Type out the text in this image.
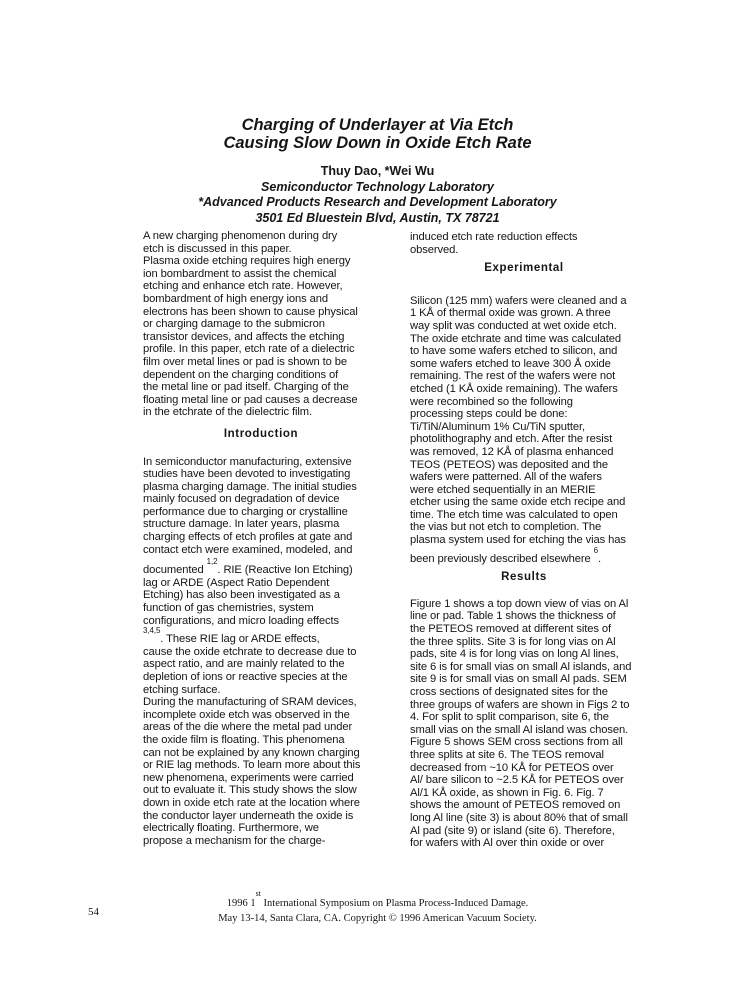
Charging of Underlayer at Via Etch
Causing Slow Down in Oxide Etch Rate
Thuy Dao, *Wei Wu
Semiconductor Technology Laboratory
*Advanced Products Research and Development Laboratory
3501 Ed Bluestein Blvd, Austin, TX 78721

A new charging phenomenon during dry

etch is discussed in this paper.

Plasma oxide etching requires high energy

ion bombardment to assist the chemical

etching and enhance etch rate. However,

bombardment of high energy ions and

electrons has been shown to cause physical

or charging damage to the submicron

transistor devices, and affects the etching

profile. In this paper, etch rate of a dielectric

film over metal lines or pad is shown to be

dependent on the charging conditions of

the metal line or pad itself. Charging of the

floating metal line or pad causes a decrease

in the etchrate of the dielectric film.

Introduction

In semiconductor manufacturing, extensive

studies have been devoted to investigating

plasma charging damage. The initial studies

mainly focused on degradation of device

performance due to charging or crystalline

structure damage. In later years, plasma

charging effects of etch profiles at gate and

contact etch were examined, modeled, and

documented $^{1,2}$. RIE (Reactive Ion Etching)

lag or ARDE (Aspect Ratio Dependent

Etching) has also been investigated as a

function of gas chemistries, system

configurations, and micro loading effects

$^{3,4,5}$. These RIE lag or ARDE effects,

cause the oxide etchrate to decrease due to

aspect ratio, and are mainly related to the

depletion of ions or reactive species at the

etching surface.

During the manufacturing of SRAM devices,

incomplete oxide etch was observed in the

areas of the die where the metal pad under

the oxide film is floating. This phenomena

can not be explained by any known charging

or RIE lag methods. To learn more about this

new phenomena, experiments were carried

out to evaluate it. This study shows the slow

down in oxide etch rate at the location where

the conductor layer underneath the oxide is

electrically floating. Furthermore, we

propose a mechanism for the charge-

induced etch rate reduction effects

observed.

Experimental

Silicon (125 mm) wafers were cleaned and a

1 KÅ of thermal oxide was grown. A three

way split was conducted at wet oxide etch.

The oxide etchrate and time was calculated

to have some wafers etched to silicon, and

some wafers etched to leave 300 Å oxide

remaining. The rest of the wafers were not

etched (1 KÅ oxide remaining). The wafers

were recombined so the following

processing steps could be done:

Ti/TiN/Aluminum 1% Cu/TiN sputter,

photolithography and etch. After the resist

was removed, 12 KÅ of plasma enhanced

TEOS (PETEOS) was deposited and the

wafers were patterned. All of the wafers

were etched sequentially in an MERIE

etcher using the same oxide etch recipe and

time. The etch time was calculated to open

the vias but not etch to completion. The

plasma system used for etching the vias has

been previously described elsewhere $^6$.

Results

Figure 1 shows a top down view of vias on Al

line or pad. Table 1 shows the thickness of

the PETEOS removed at different sites of

the three splits. Site 3 is for long vias on Al

pads, site 4 is for long vias on long Al lines,

site 6 is for small vias on small Al islands, and

site 9 is for small vias on small Al pads. SEM

cross sections of designated sites for the

three groups of wafers are shown in Figs 2 to

4. For split to split comparison, site 6, the

small vias on the small Al island was chosen.

Figure 5 shows SEM cross sections from all

three splits at site 6. The TEOS removal

decreased from ~10 KÅ for PETEOS over

Al/ bare silicon to ~2.5 KÅ for PETEOS over

Al/1 KÅ oxide, as shown in Fig. 6. Fig. 7

shows the amount of PETEOS removed on

long Al line (site 3) is about 80% that of small

Al pad (site 9) or island (site 6). Therefore,

for wafers with Al over thin oxide or over

54
1996 1st International Symposium on Plasma Process-Induced Damage.
May 13-14, Santa Clara, CA. Copyright © 1996 American Vacuum Society.
